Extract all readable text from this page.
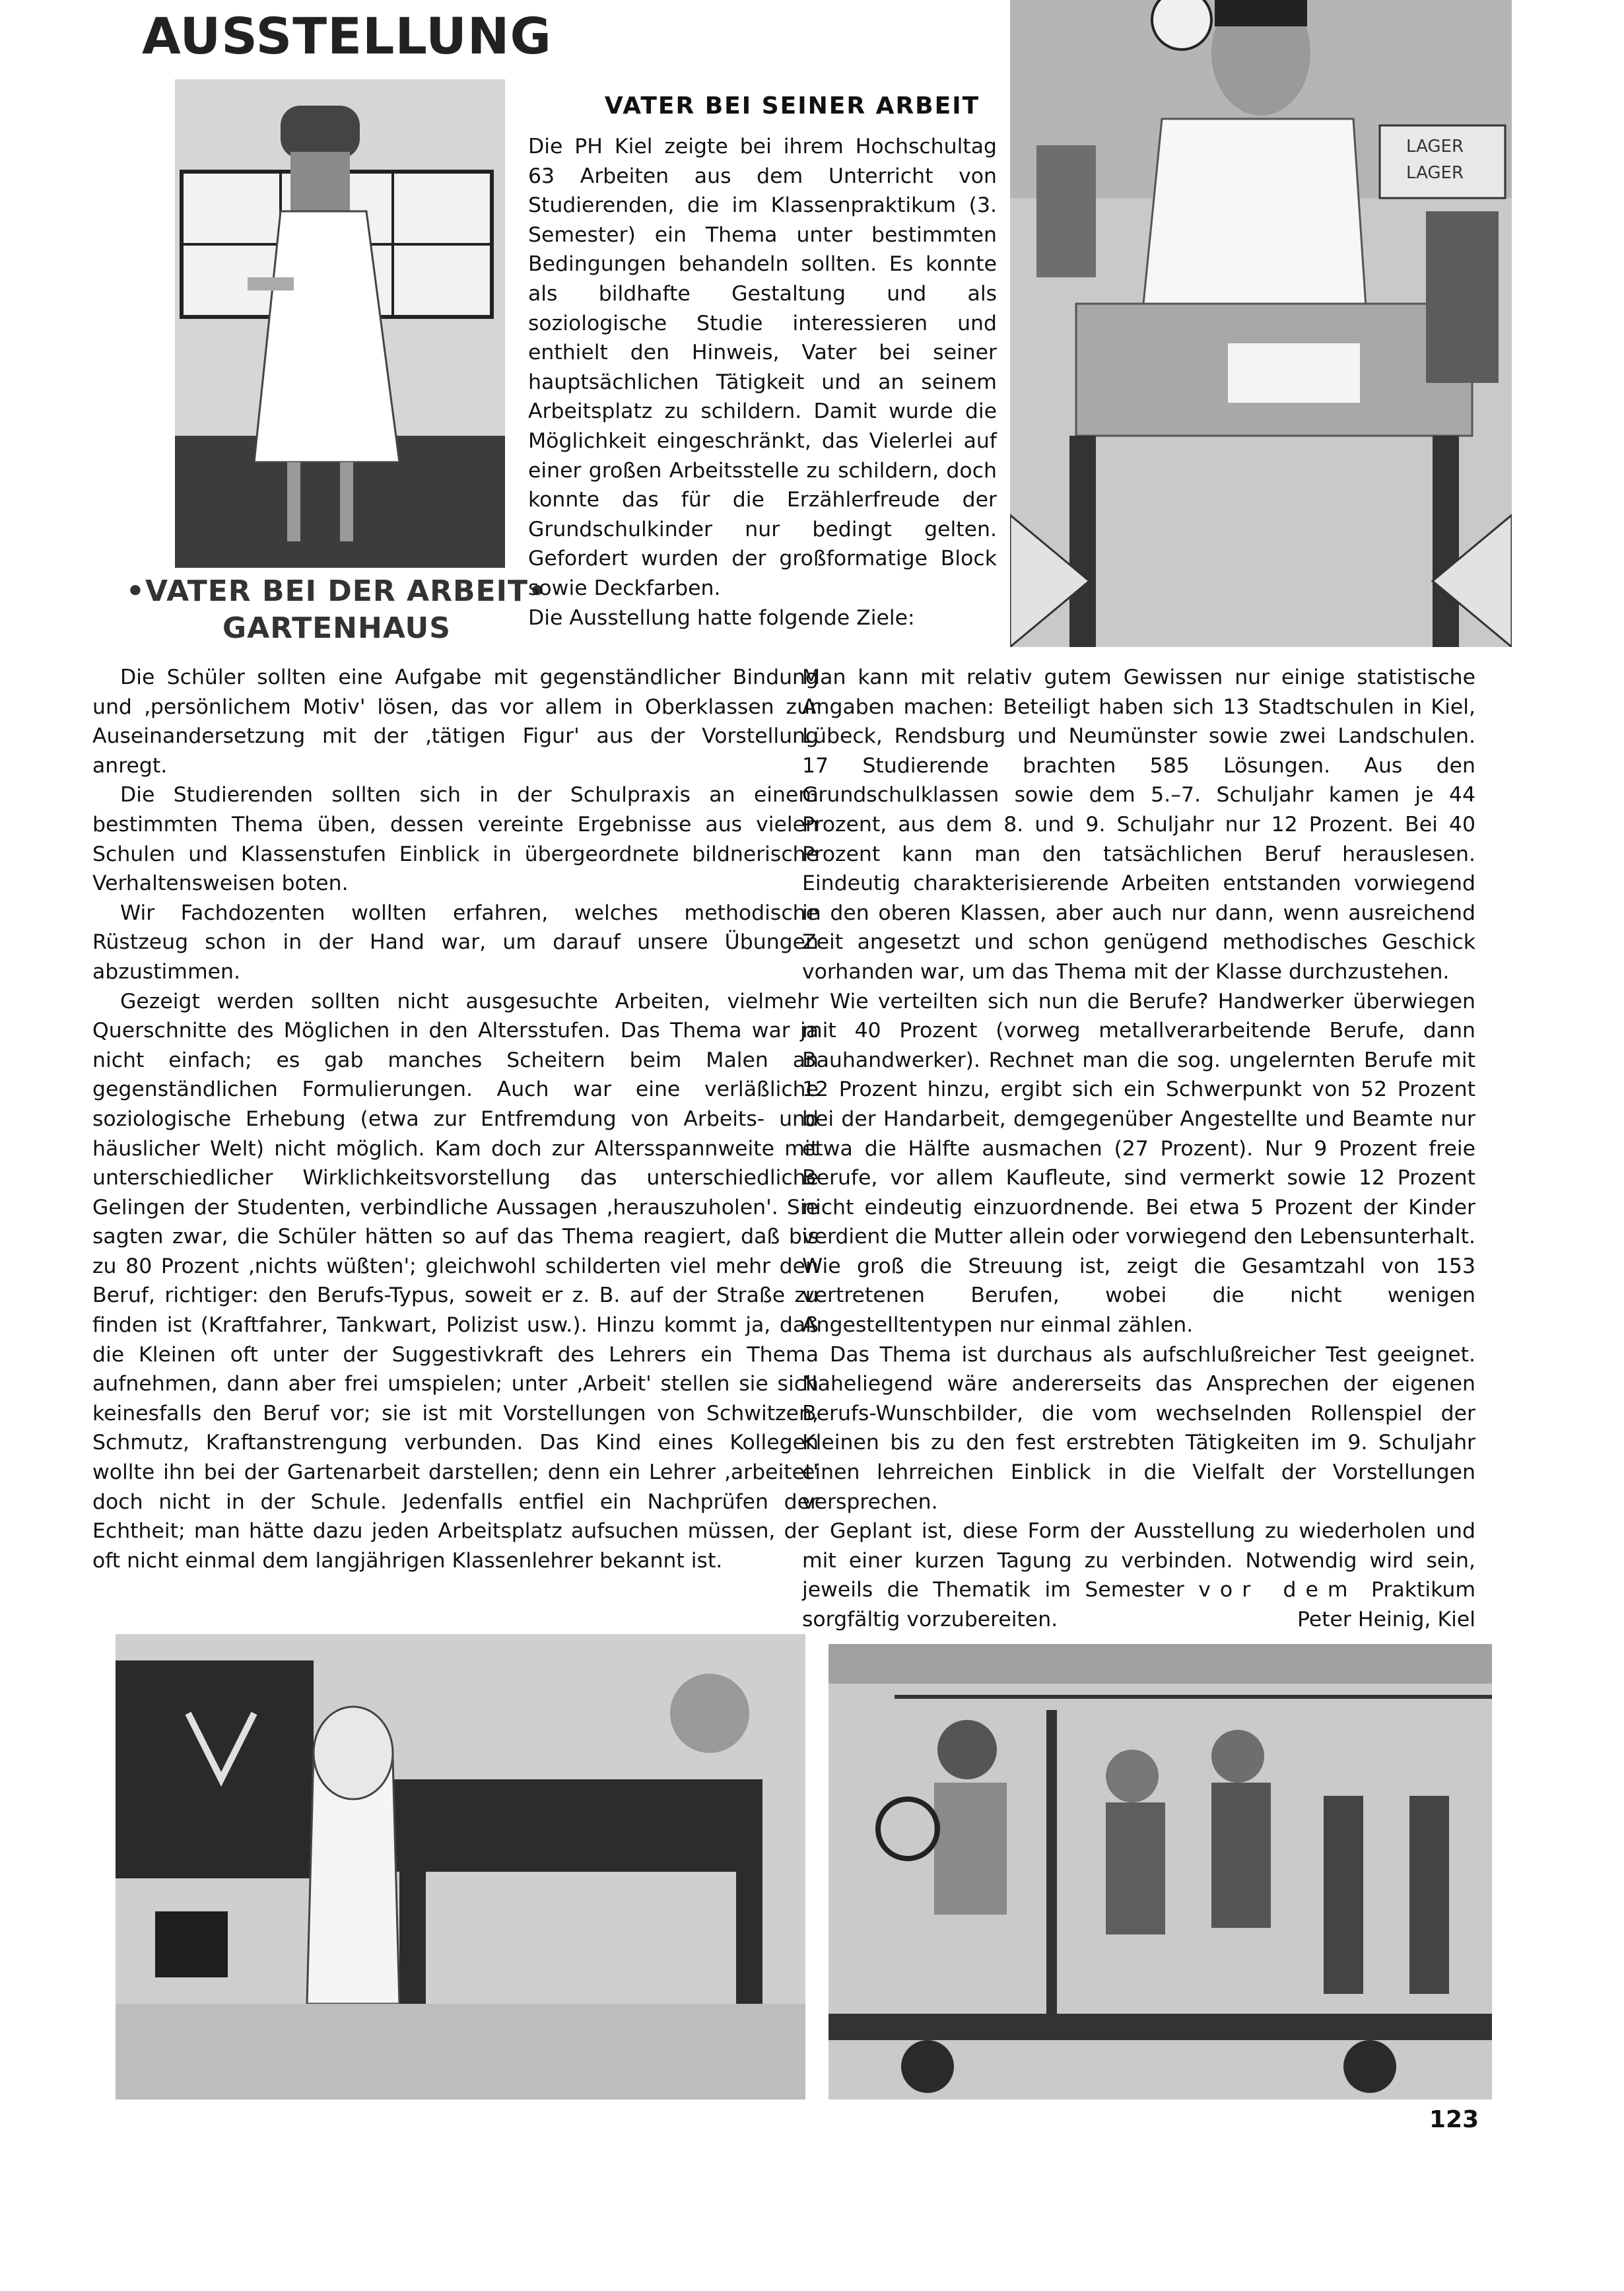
AUSSTELLUNG
•VATER BEI DER ARBEIT•
GARTENHAUS
VATER BEI SEINER ARBEIT

Die PH Kiel zeigte bei ihrem Hochschultag 63 Arbeiten aus dem Unterricht von Studierenden, die im Klassenpraktikum (3. Semester) ein Thema unter bestimmten Bedingungen behandeln sollten. Es konnte als bildhafte Gestaltung und als soziologische Studie interessieren und enthielt den Hinweis, Vater bei seiner hauptsächlichen Tätigkeit und an seinem Arbeitsplatz zu schildern. Damit wurde die Möglichkeit eingeschränkt, das Vielerlei auf einer großen Arbeitsstelle zu schildern, doch konnte das für die Erzählerfreude der Grundschulkinder nur bedingt gelten. Gefordert wurden der großformatige Block sowie Deckfarben.

Die Ausstellung hatte folgende Ziele:

LAGER
LAGER

Die Schüler sollten eine Aufgabe mit gegenständlicher Bindung und ‚persönlichem Motiv' lösen, das vor allem in Oberklassen zur Auseinandersetzung mit der ‚tätigen Figur' aus der Vorstellung anregt.

Die Studierenden sollten sich in der Schulpraxis an einem bestimmten Thema üben, dessen vereinte Ergebnisse aus vielen Schulen und Klassenstufen Einblick in übergeordnete bildnerische Verhaltensweisen boten.

Wir Fachdozenten wollten erfahren, welches methodische Rüstzeug schon in der Hand war, um darauf unsere Übungen abzustimmen.

Gezeigt werden sollten nicht ausgesuchte Arbeiten, vielmehr Querschnitte des Möglichen in den Altersstufen. Das Thema war ja nicht einfach; es gab manches Scheitern beim Malen an gegenständlichen Formulierungen. Auch war eine verläßliche soziologische Erhebung (etwa zur Entfremdung von Arbeits- und häuslicher Welt) nicht möglich. Kam doch zur Altersspannweite mit unterschiedlicher Wirklichkeitsvorstellung das unterschiedliche Gelingen der Studenten, verbindliche Aussagen ‚herauszuholen'. Sie sagten zwar, die Schüler hätten so auf das Thema reagiert, daß bis zu 80 Prozent ‚nichts wüßten'; gleichwohl schilderten viel mehr den Beruf, richtiger: den Berufs-Typus, soweit er z. B. auf der Straße zu finden ist (Kraftfahrer, Tankwart, Polizist usw.). Hinzu kommt ja, daß die Kleinen oft unter der Suggestivkraft des Lehrers ein Thema aufnehmen, dann aber frei umspielen; unter ‚Arbeit' stellen sie sich keinesfalls den Beruf vor; sie ist mit Vorstellungen von Schwitzen, Schmutz, Kraftanstrengung verbunden. Das Kind eines Kollegen wollte ihn bei der Gartenarbeit darstellen; denn ein Lehrer ‚arbeitet' doch nicht in der Schule. Jedenfalls entfiel ein Nachprüfen der Echtheit; man hätte dazu jeden Arbeitsplatz aufsuchen müssen, der oft nicht einmal dem langjährigen Klassenlehrer bekannt ist.

Man kann mit relativ gutem Gewissen nur einige statistische Angaben machen: Beteiligt haben sich 13 Stadtschulen in Kiel, Lübeck, Rendsburg und Neumünster sowie zwei Landschulen. 17 Studierende brachten 585 Lösungen. Aus den Grundschulklassen sowie dem 5.–7. Schuljahr kamen je 44 Prozent, aus dem 8. und 9. Schuljahr nur 12 Prozent. Bei 40 Prozent kann man den tatsächlichen Beruf herauslesen. Eindeutig charakterisierende Arbeiten entstanden vorwiegend in den oberen Klassen, aber auch nur dann, wenn ausreichend Zeit angesetzt und schon genügend methodisches Geschick vorhanden war, um das Thema mit der Klasse durchzustehen.

Wie verteilten sich nun die Berufe? Handwerker überwiegen mit 40 Prozent (vorweg metallverarbeitende Berufe, dann Bauhandwerker). Rechnet man die sog. ungelernten Berufe mit 12 Prozent hinzu, ergibt sich ein Schwerpunkt von 52 Prozent bei der Handarbeit, demgegenüber Angestellte und Beamte nur etwa die Hälfte ausmachen (27 Prozent). Nur 9 Prozent freie Berufe, vor allem Kaufleute, sind vermerkt sowie 12 Prozent nicht eindeutig einzuordnende. Bei etwa 5 Prozent der Kinder verdient die Mutter allein oder vorwiegend den Lebensunterhalt. Wie groß die Streuung ist, zeigt die Gesamtzahl von 153 vertretenen Berufen, wobei die nicht wenigen Angestelltentypen nur einmal zählen.

Das Thema ist durchaus als aufschlußreicher Test geeignet. Naheliegend wäre andererseits das Ansprechen der eigenen Berufs-Wunschbilder, die vom wechselnden Rollenspiel der Kleinen bis zu den fest erstrebten Tätigkeiten im 9. Schuljahr einen lehrreichen Einblick in die Vielfalt der Vorstellungen versprechen.

Geplant ist, diese Form der Ausstellung zu wiederholen und mit einer kurzen Tagung zu verbinden. Notwendig wird sein, jeweils die Thematik im Semester vor dem Praktikum sorgfältig vorzubereiten.	Peter Heinig, Kiel

123
